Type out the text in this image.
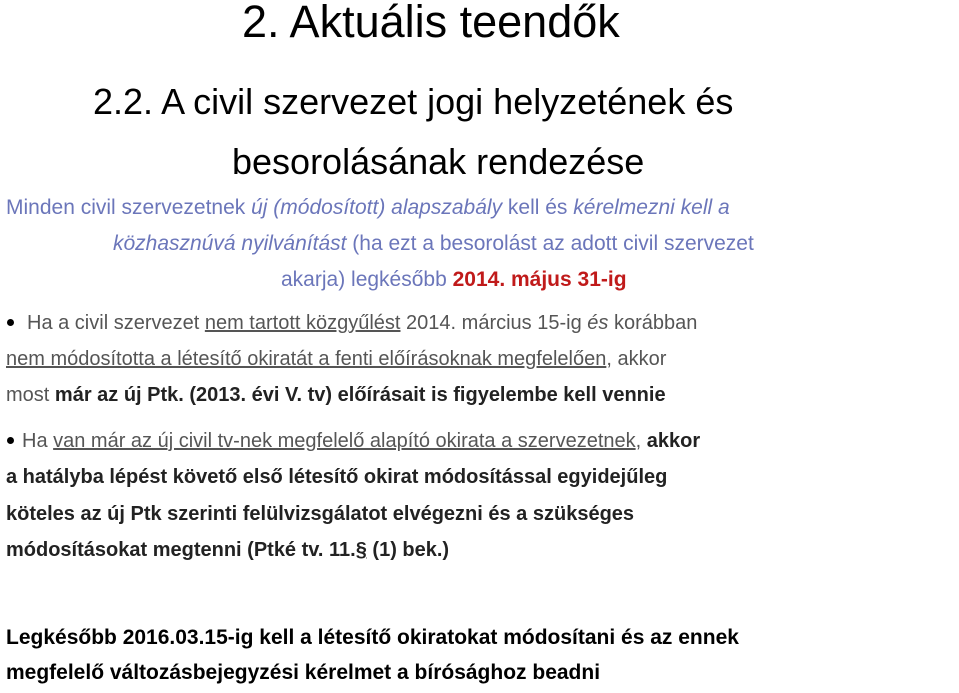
2. Aktuális teendők
2.2. A civil szervezet jogi helyzetének és
besorolásának rendezése
Minden civil szervezetnek új (módosított) alapszabály kell és kérelmezni kell a
közhasznúvá nyilvánítást (ha ezt a besorolást az adott civil szervezet
akarja) legkésőbb 2014. május 31-ig
Ha a civil szervezet nem tartott közgyűlést 2014. március 15-ig és korábban
nem módosította a létesítő okiratát a fenti előírásoknak megfelelően, akkor
most már az új Ptk. (2013. évi V. tv) előírásait is figyelembe kell vennie
Ha van már az új civil tv-nek megfelelő alapító okirata a szervezetnek, akkor
a hatályba lépést követő első létesítő okirat módosítással egyidejűleg
köteles az új Ptk szerinti felülvizsgálatot elvégezni és a szükséges
módosításokat megtenni (Ptké tv. 11.§ (1) bek.)
Legkésőbb 2016.03.15-ig kell a létesítő okiratokat módosítani és az ennek
megfelelő változásbejegyzési kérelmet a bírósághoz beadni
